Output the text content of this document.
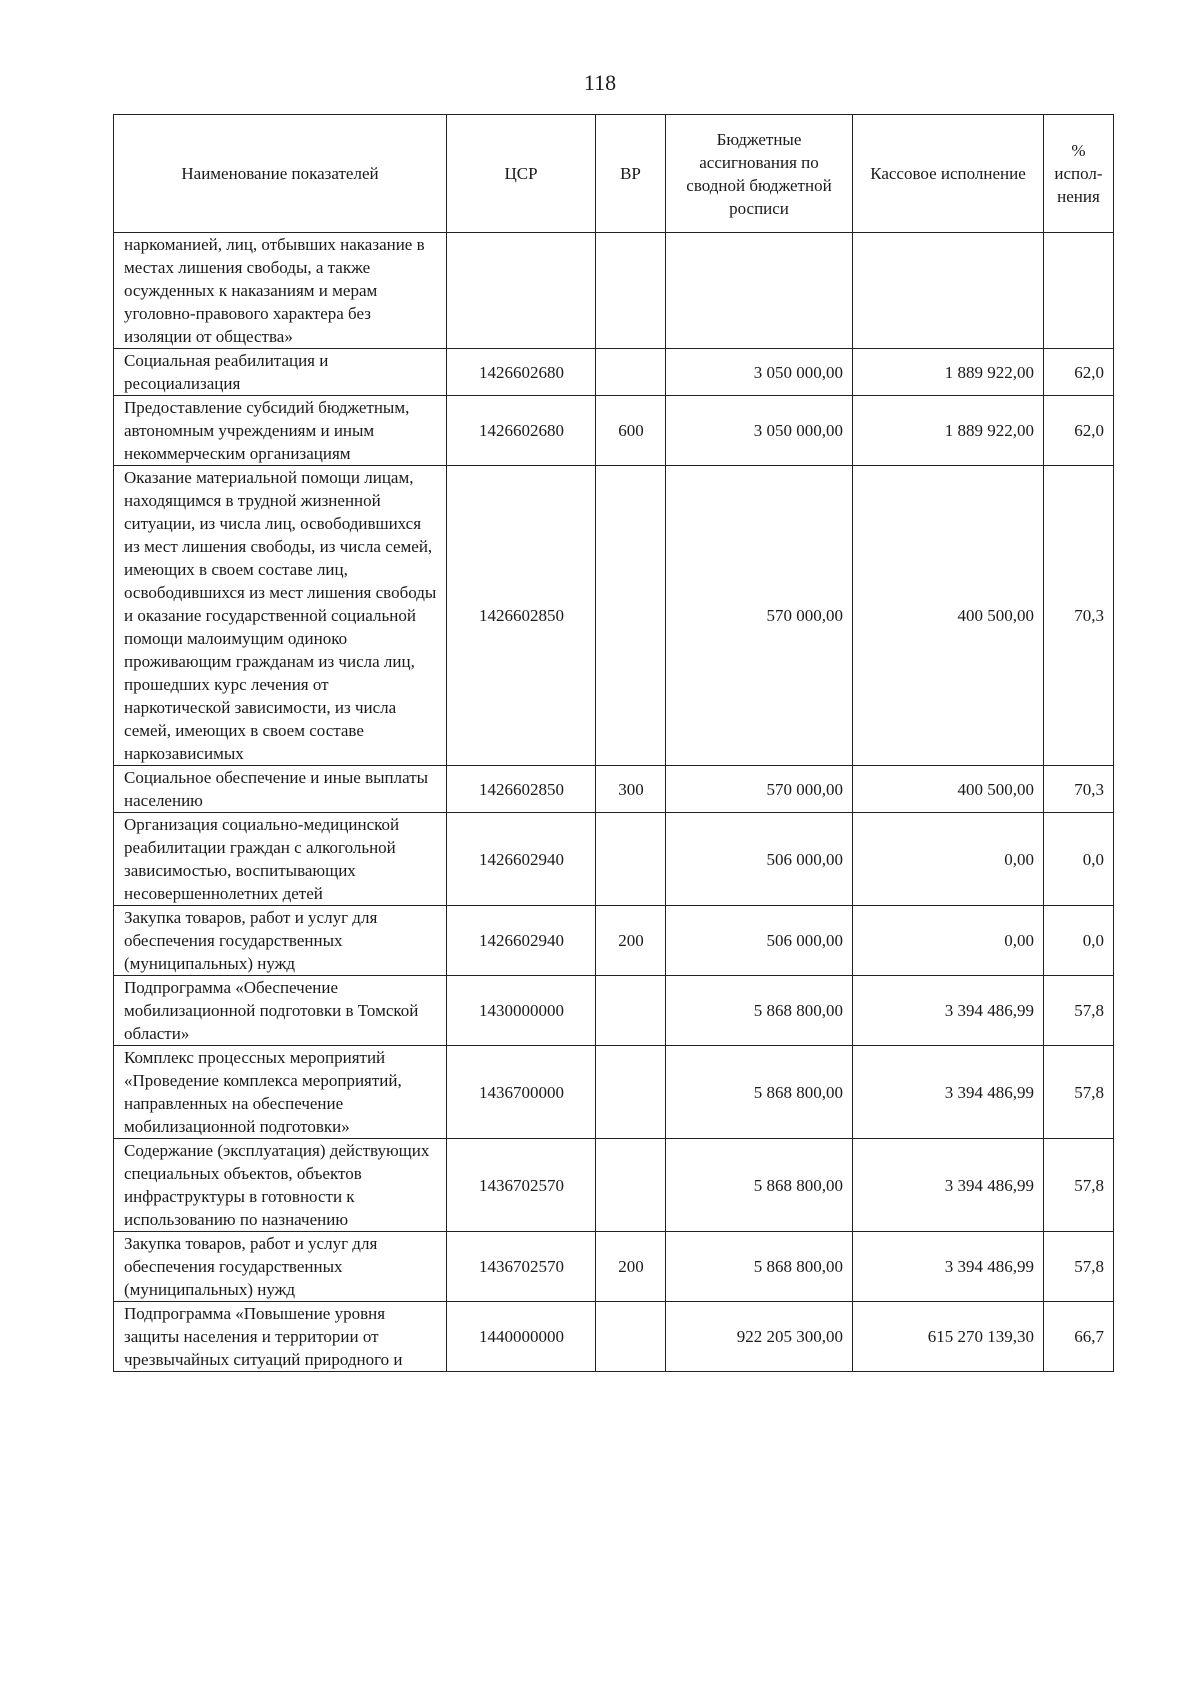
118
Наименование показателей	ЦСР	ВР	Бюджетные ассигнования по сводной бюджетной росписи	Кассовое исполнение	% испол- нения
наркоманией, лиц, отбывших наказание в местах лишения свободы, а также осужденных к наказаниям и мерам уголовно-правового характера без изоляции от общества»					
Социальная реабилитация и ресоциализация	1426602680		3 050 000,00	1 889 922,00	62,0
Предоставление субсидий бюджетным, автономным учреждениям и иным некоммерческим организациям	1426602680	600	3 050 000,00	1 889 922,00	62,0
Оказание материальной помощи лицам, находящимся в трудной жизненной ситуации, из числа лиц, освободившихся из мест лишения свободы, из числа семей, имеющих в своем составе лиц, освободившихся из мест лишения свободы и оказание государственной социальной помощи малоимущим одиноко проживающим гражданам из числа лиц, прошедших курс лечения от наркотической зависимости, из числа семей, имеющих в своем составе наркозависимых	1426602850		570 000,00	400 500,00	70,3
Социальное обеспечение и иные выплаты населению	1426602850	300	570 000,00	400 500,00	70,3
Организация социально-медицинской реабилитации граждан с алкогольной зависимостью, воспитывающих несовершеннолетних детей	1426602940		506 000,00	0,00	0,0
Закупка товаров, работ и услуг для обеспечения государственных (муниципальных) нужд	1426602940	200	506 000,00	0,00	0,0
Подпрограмма «Обеспечение мобилизационной подготовки в Томской области»	1430000000		5 868 800,00	3 394 486,99	57,8
Комплекс процессных мероприятий «Проведение комплекса мероприятий, направленных на обеспечение мобилизационной подготовки»	1436700000		5 868 800,00	3 394 486,99	57,8
Содержание (эксплуатация) действующих специальных объектов, объектов инфраструктуры в готовности к использованию по назначению	1436702570		5 868 800,00	3 394 486,99	57,8
Закупка товаров, работ и услуг для обеспечения государственных (муниципальных) нужд	1436702570	200	5 868 800,00	3 394 486,99	57,8
Подпрограмма «Повышение уровня защиты населения и территории от чрезвычайных ситуаций природного и	1440000000		922 205 300,00	615 270 139,30	66,7
